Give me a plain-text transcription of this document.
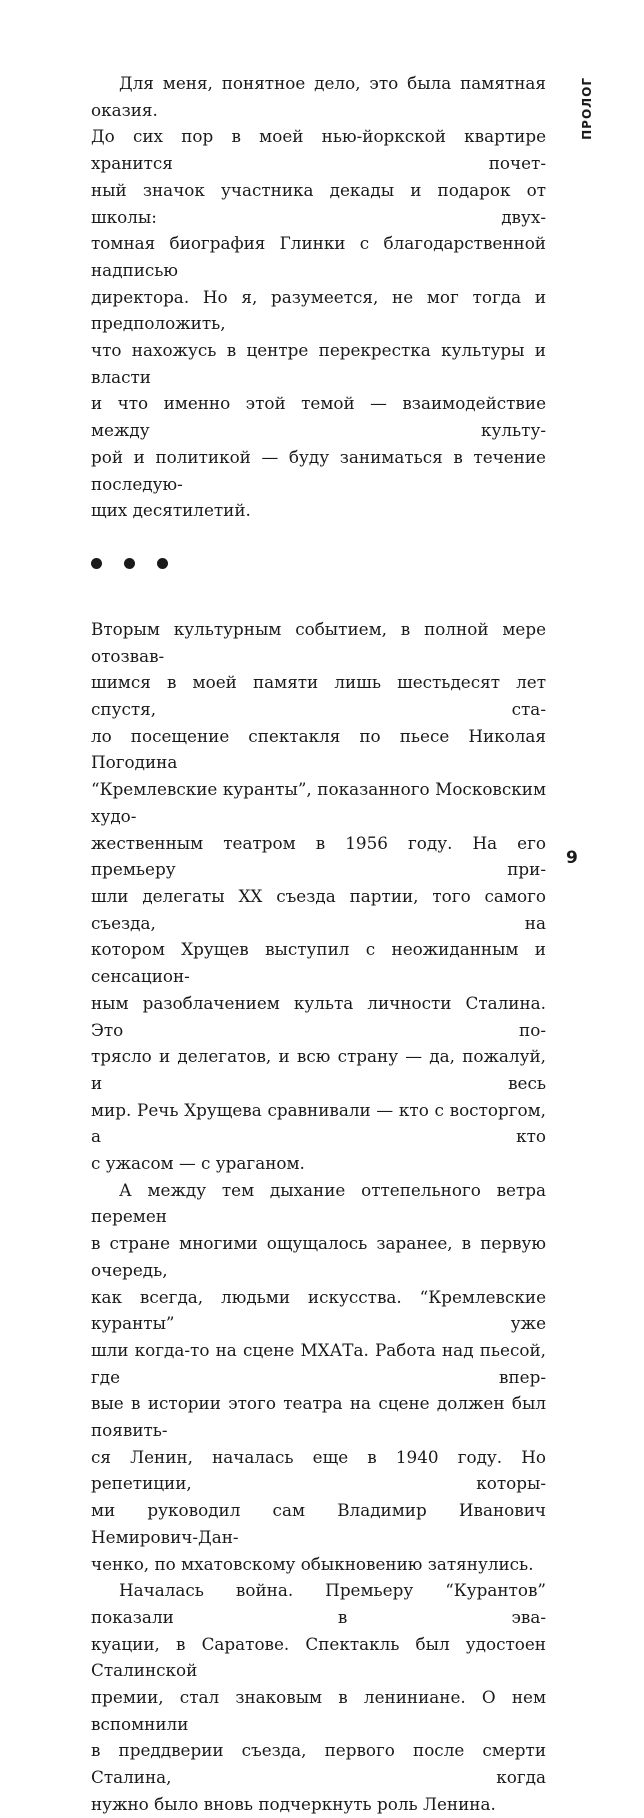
ПРОЛОГ

Для меня, понятное дело, это была памятная оказия.
До сих пор в моей нью-йоркской квартире хранится почет-
ный значок участника декады и подарок от школы: двух-
томная биография Глинки с благодарственной надписью
директора. Но я, разумеется, не мог тогда и предположить,
что нахожусь в центре перекрестка культуры и власти
и что именно этой темой — взаимодействие между культу-
рой и политикой — буду заниматься в течение последую-
щих десятилетий.

Вторым культурным событием, в полной мере отозвав-
шимся в моей памяти лишь шестьдесят лет спустя, ста-
ло посещение спектакля по пьесе Николая Погодина
“Кремлевские куранты”, показанного Московским худо-
жественным театром в 1956 году. На его премьеру при-
шли делегаты XX съезда партии, того самого съезда, на
котором Хрущев выступил с неожиданным и сенсацион-
ным разоблачением культа личности Сталина. Это по-
трясло и делегатов, и всю страну — да, пожалуй, и весь
мир. Речь Хрущева сравнивали — кто с восторгом, а кто
с ужасом — с ураганом.

А между тем дыхание оттепельного ветра перемен
в стране многими ощущалось заранее, в первую очередь,
как всегда, людьми искусства. “Кремлевские куранты” уже
шли когда-то на сцене МХАТа. Работа над пьесой, где впер-
вые в истории этого театра на сцене должен был появить-
ся Ленин, началась еще в 1940 году. Но репетиции, которы-
ми руководил сам Владимир Иванович Немирович-Дан-
ченко, по мхатовскому обыкновению затянулись.

Началась война. Премьеру “Курантов” показали в эва-
куации, в Саратове. Спектакль был удостоен Сталинской
премии, стал знаковым в лениниане. О нем вспомнили
в преддверии съезда, первого после смерти Сталина, когда
нужно было вновь подчеркнуть роль Ленина.

9
